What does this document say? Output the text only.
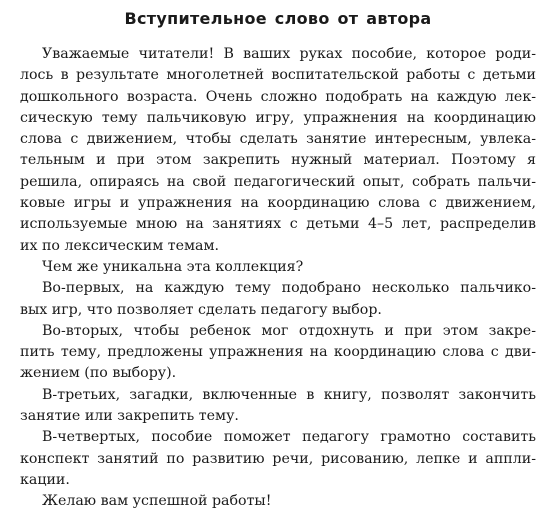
Вступительное слово от автора

Уважаемые читатели! В ваших руках пособие, которое роди-
лось в результате многолетней воспитательской работы с детьми
дошкольного возраста. Очень сложно подобрать на каждую лек-
сическую тему пальчиковую игру, упражнения на координацию
слова с движением, чтобы сделать занятие интересным, увлека-
тельным и при этом закрепить нужный материал. Поэтому я
решила, опираясь на свой педагогический опыт, собрать пальчи-
ковые игры и упражнения на координацию слова с движением,
используемые мною на занятиях с детьми 4–5 лет, распределив
их по лексическим темам.

Чем же уникальна эта коллекция?

Во-первых, на каждую тему подобрано несколько пальчико-
вых игр, что позволяет сделать педагогу выбор.

Во-вторых, чтобы ребенок мог отдохнуть и при этом закре-
пить тему, предложены упражнения на координацию слова с дви-
жением (по выбору).

В-третьих, загадки, включенные в книгу, позволят закончить
занятие или закрепить тему.

В-четвертых, пособие поможет педагогу грамотно составить
конспект занятий по развитию речи, рисованию, лепке и аппли-
кации.

Желаю вам успешной работы!
